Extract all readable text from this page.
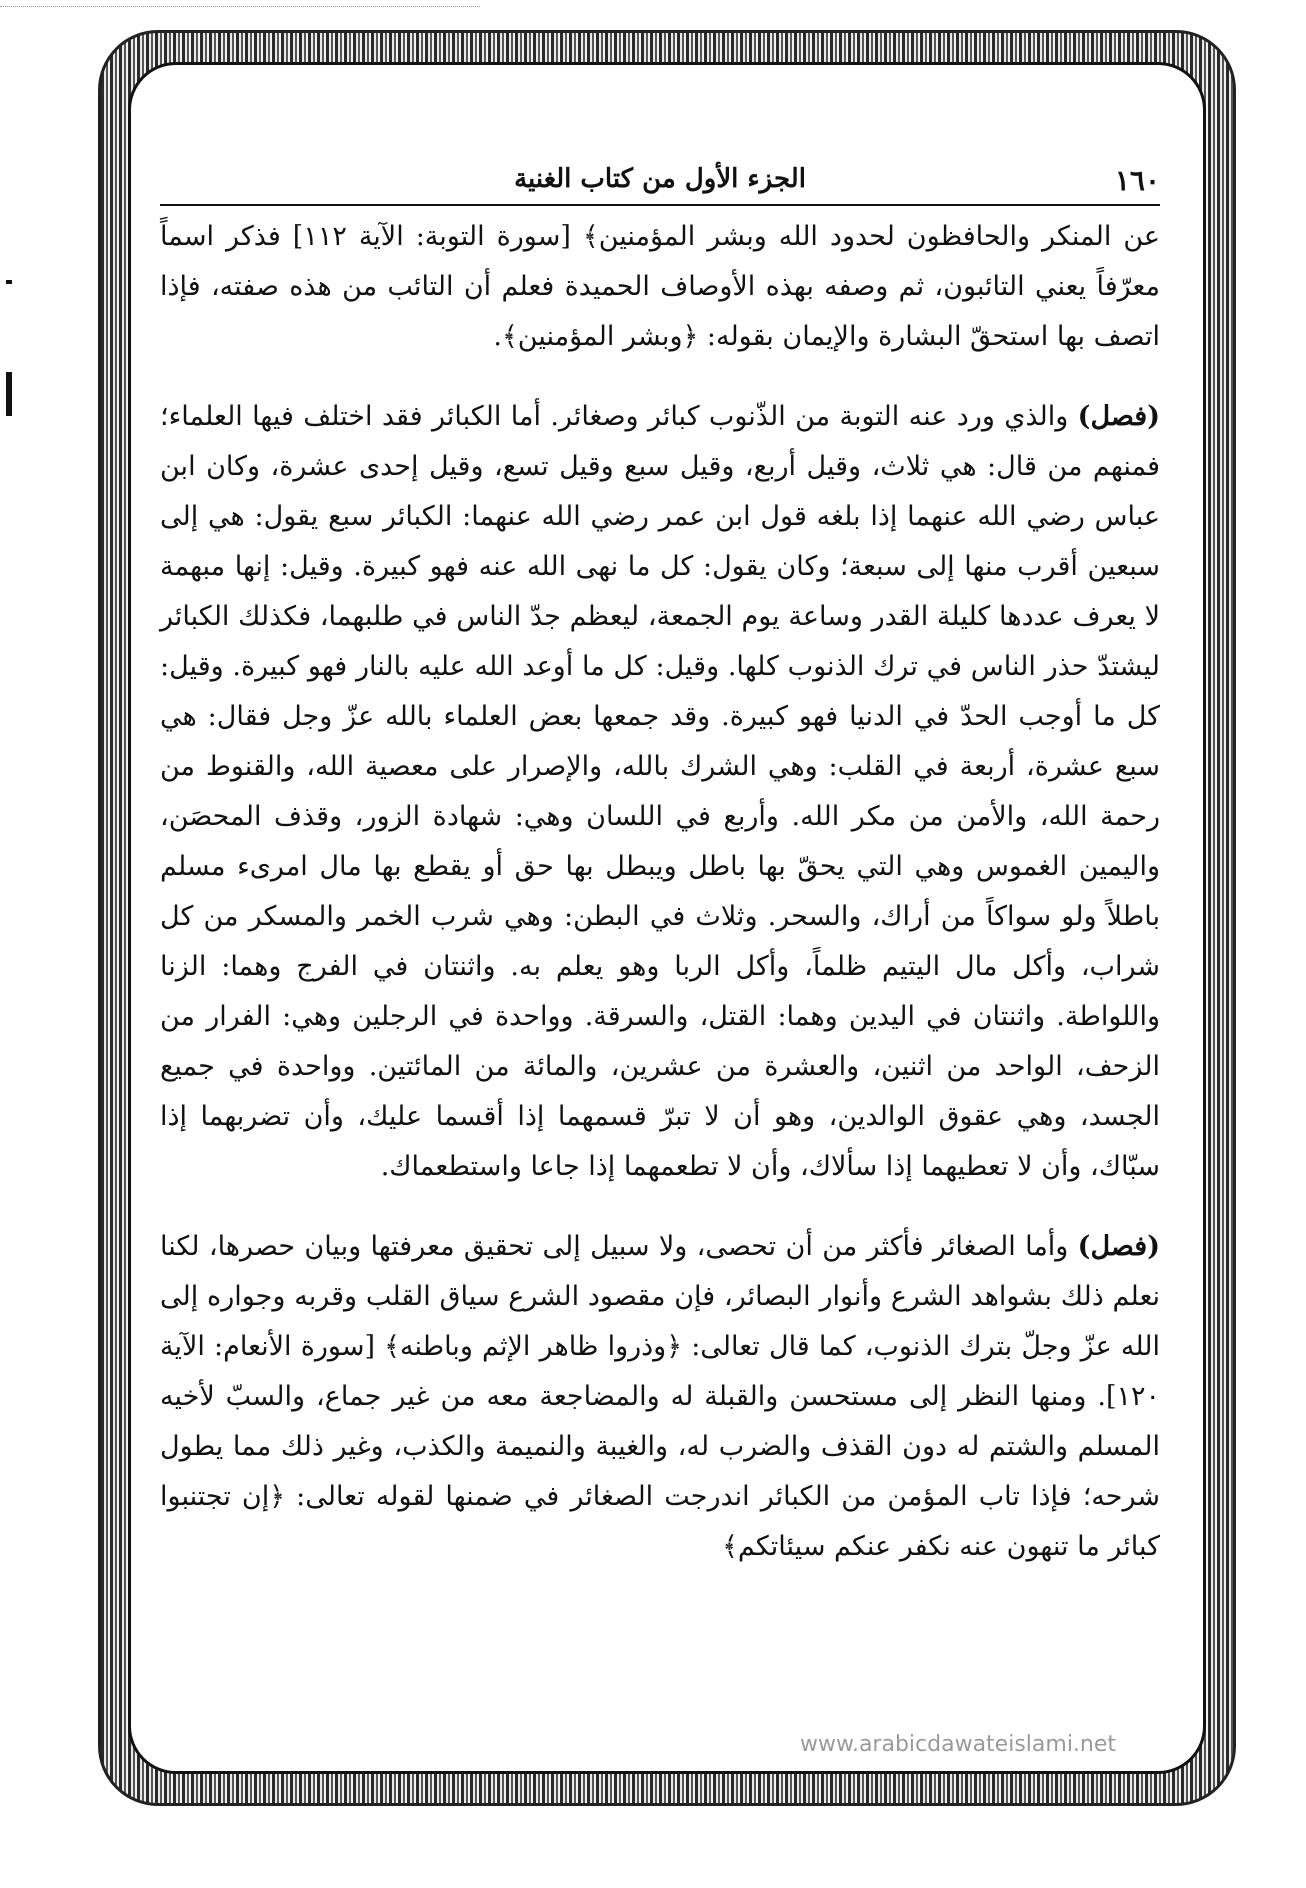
١٦٠
الجزء الأول من كتاب الغنية

عن المنكر والحافظون لحدود الله وبشر المؤمنين﴾ [سورة التوبة: الآية ١١٢] فذكر اسماً معرّفاً يعني التائبون، ثم وصفه بهذه الأوصاف الحميدة فعلم أن التائب من هذه صفته، فإذا اتصف بها استحقّ البشارة والإيمان بقوله: ﴿وبشر المؤمنين﴾.

(فصل) والذي ورد عنه التوبة من الذّنوب كبائر وصغائر. أما الكبائر فقد اختلف فيها العلماء؛ فمنهم من قال: هي ثلاث، وقيل أربع، وقيل سبع وقيل تسع، وقيل إحدى عشرة، وكان ابن عباس رضي الله عنهما إذا بلغه قول ابن عمر رضي الله عنهما: الكبائر سبع يقول: هي إلى سبعين أقرب منها إلى سبعة؛ وكان يقول: كل ما نهى الله عنه فهو كبيرة. وقيل: إنها مبهمة لا يعرف عددها كليلة القدر وساعة يوم الجمعة، ليعظم جدّ الناس في طلبهما، فكذلك الكبائر ليشتدّ حذر الناس في ترك الذنوب كلها. وقيل: كل ما أوعد الله عليه بالنار فهو كبيرة. وقيل: كل ما أوجب الحدّ في الدنيا فهو كبيرة. وقد جمعها بعض العلماء بالله عزّ وجل فقال: هي سبع عشرة، أربعة في القلب: وهي الشرك بالله، والإصرار على معصية الله، والقنوط من رحمة الله، والأمن من مكر الله. وأربع في اللسان وهي: شهادة الزور، وقذف المحصَن، واليمين الغموس وهي التي يحقّ بها باطل ويبطل بها حق أو يقطع بها مال امرىء مسلم باطلاً ولو سواكاً من أراك، والسحر. وثلاث في البطن: وهي شرب الخمر والمسكر من كل شراب، وأكل مال اليتيم ظلماً، وأكل الربا وهو يعلم به. واثنتان في الفرج وهما: الزنا واللواطة. واثنتان في اليدين وهما: القتل، والسرقة. وواحدة في الرجلين وهي: الفرار من الزحف، الواحد من اثنين، والعشرة من عشرين، والمائة من المائتين. وواحدة في جميع الجسد، وهي عقوق الوالدين، وهو أن لا تبرّ قسمهما إذا أقسما عليك، وأن تضربهما إذا سبّاك، وأن لا تعطيهما إذا سألاك، وأن لا تطعمهما إذا جاعا واستطعماك.

(فصل) وأما الصغائر فأكثر من أن تحصى، ولا سبيل إلى تحقيق معرفتها وبيان حصرها، لكنا نعلم ذلك بشواهد الشرع وأنوار البصائر، فإن مقصود الشرع سياق القلب وقربه وجواره إلى الله عزّ وجلّ بترك الذنوب، كما قال تعالى: ﴿وذروا ظاهر الإثم وباطنه﴾ [سورة الأنعام: الآية ١٢٠]. ومنها النظر إلى مستحسن والقبلة له والمضاجعة معه من غير جماع، والسبّ لأخيه المسلم والشتم له دون القذف والضرب له، والغيبة والنميمة والكذب، وغير ذلك مما يطول شرحه؛ فإذا تاب المؤمن من الكبائر اندرجت الصغائر في ضمنها لقوله تعالى: ﴿إن تجتنبوا كبائر ما تنهون عنه نكفر عنكم سيئاتكم﴾

www.arabicdawateislami.net
